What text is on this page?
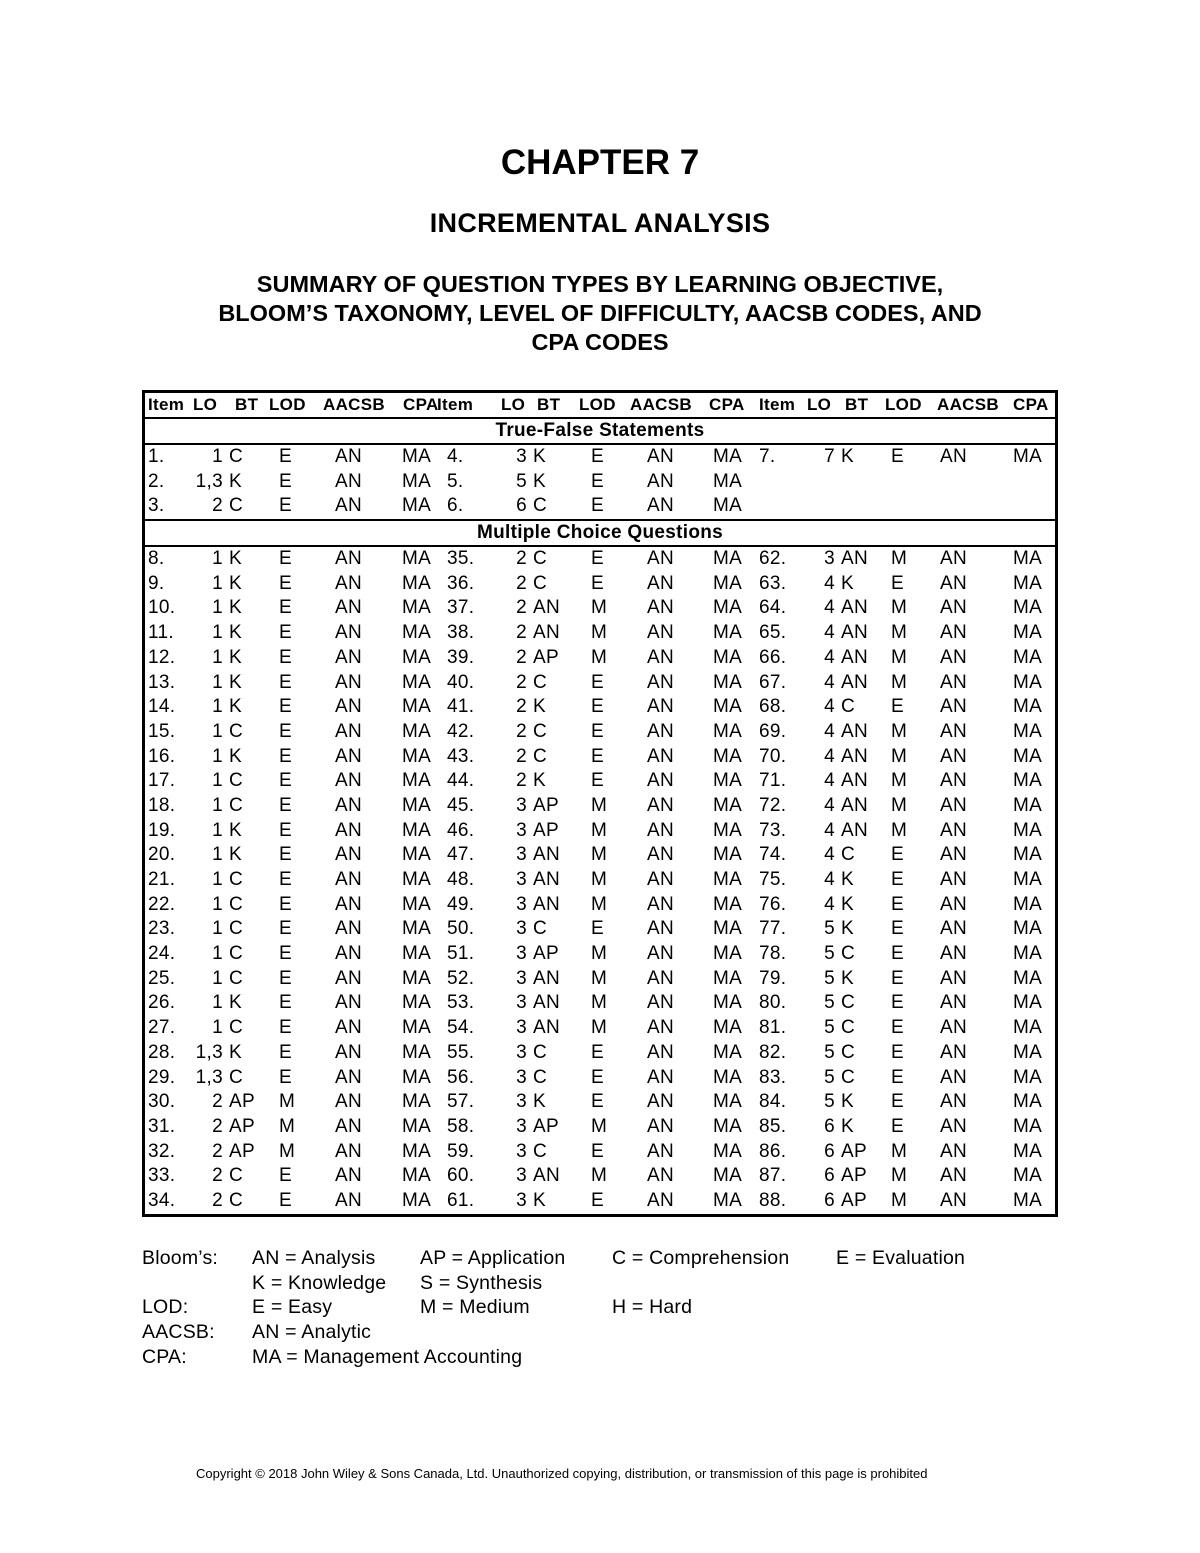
CHAPTER 7
INCREMENTAL ANALYSIS
SUMMARY OF QUESTION TYPES BY LEARNING OBJECTIVE,
BLOOM’S TAXONOMY, LEVEL OF DIFFICULTY, AACSB CODES, AND
CPA CODES
Item LO BT LOD AACSB CPA
Item LO BT LOD AACSB CPA Item LO BT LOD AACSB CPA
True-False Statements
1.	1 C E AN MA 4.	3 K E AN MA 7.	7 K E AN MA
2. 1,3 K E AN MA 5.	5 K E AN MA
3.	2 C E AN MA 6.	6 C E AN MA
Multiple Choice Questions
8.	1 K E AN MA 35. 2 C E AN MA 62. 3 AN M AN MA
9.	1 K E AN MA 36. 2 C E AN MA 63. 4 K E AN MA
10. 1 K E AN MA 37. 2 AN M AN MA 64. 4 AN M AN MA
11. 1 K E AN MA 38. 2 AN M AN MA 65. 4 AN M AN MA
12. 1 K E AN MA 39. 2 AP M AN MA 66. 4 AN M AN MA
13. 1 K E AN MA 40. 2 C E AN MA 67. 4 AN M AN MA
14. 1 K E AN MA 41. 2 K E AN MA 68. 4 C E AN MA
15. 1 C E AN MA 42. 2 C E AN MA 69. 4 AN M AN MA
16. 1 K E AN MA 43. 2 C E AN MA 70. 4 AN M AN MA
17. 1 C E AN MA 44. 2 K E AN MA 71. 4 AN M AN MA
18. 1 C E AN MA 45. 3 AP M AN MA 72. 4 AN M AN MA
19. 1 K E AN MA 46. 3 AP M AN MA 73. 4 AN M AN MA
20. 1 K E AN MA 47. 3 AN M AN MA 74. 4 C E AN MA
21. 1 C E AN MA 48. 3 AN M AN MA 75. 4 K E AN MA
22. 1 C E AN MA 49. 3 AN M AN MA 76. 4 K E AN MA
23. 1 C E AN MA 50. 3 C E AN MA 77. 5 K E AN MA
24. 1 C E AN MA 51. 3 AP M AN MA 78. 5 C E AN MA
25. 1 C E AN MA 52. 3 AN M AN MA 79. 5 K E AN MA
26. 1 K E AN MA 53. 3 AN M AN MA 80. 5 C E AN MA
27. 1 C E AN MA 54. 3 AN M AN MA 81. 5 C E AN MA
28. 1,3 K E AN MA 55. 3 C E AN MA 82. 5 C E AN MA
29. 1,3 C E AN MA 56. 3 C E AN MA 83. 5 C E AN MA
30. 2 AP M AN MA 57. 3 K E AN MA 84. 5 K E AN MA
31. 2 AP M AN MA 58. 3 AP M AN MA 85. 6 K E AN MA
32. 2 AP M AN MA 59. 3 C E AN MA 86. 6 AP M AN MA
33. 2 C E AN MA 60. 3 AN M AN MA 87. 6 AP M AN MA
34. 2 C E AN MA 61. 3 K E AN MA 88. 6 AP M AN MA
Bloom’s: AN = Analysis AP = Application C = Comprehension E = Evaluation
K = Knowledge S = Synthesis
LOD:	E = Easy	M = Medium	H = Hard
AACSB: AN = Analytic
CPA:	MA = Management Accounting
Copyright © 2018 John Wiley & Sons Canada, Ltd. Unauthorized copying, distribution, or transmission of this page is prohibited
